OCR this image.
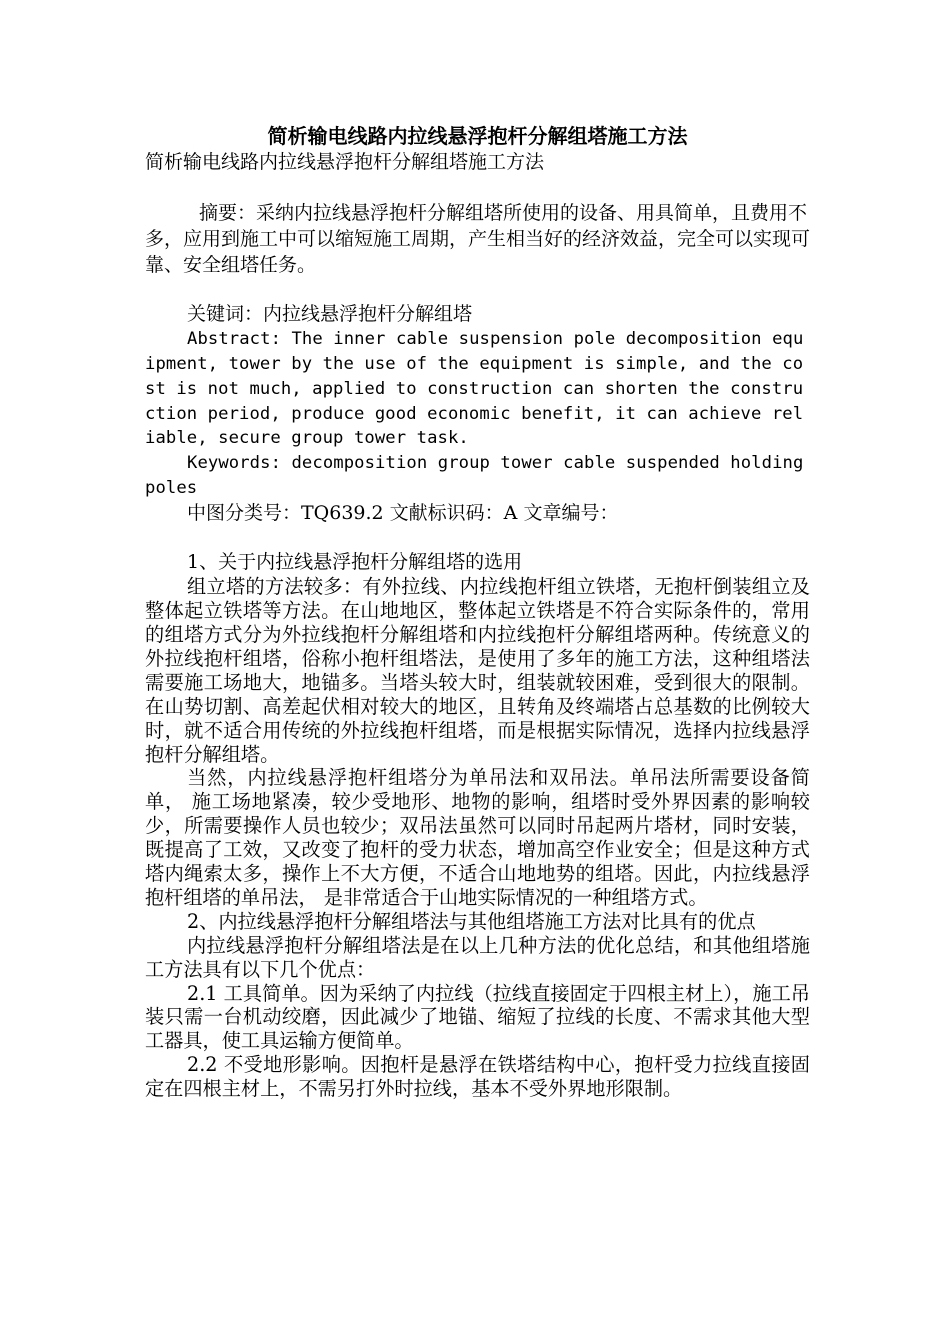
简析输电线路内拉线悬浮抱杆分解组塔施工方法

简析输电线路内拉线悬浮抱杆分解组塔施工方法

摘要：采纳内拉线悬浮抱杆分解组塔所使用的设备、用具简单，且费用不多，应用到施工中可以缩短施工周期，产生相当好的经济效益，完全可以实现可靠、安全组塔任务。

关键词：内拉线悬浮抱杆分解组塔

Abstract: The inner cable suspension pole decomposition equipment, tower by the use of the equipment is simple, and the cost is not much, applied to construction can shorten the construction period, produce good economic benefit, it can achieve reliable, secure group tower task.

Keywords: decomposition group tower cable suspended holding poles

中图分类号：TQ639.2 文献标识码：A 文章编号：

1、关于内拉线悬浮抱杆分解组塔的选用

组立塔的方法较多：有外拉线、内拉线抱杆组立铁塔，无抱杆倒装组立及整体起立铁塔等方法。在山地地区，整体起立铁塔是不符合实际条件的，常用的组塔方式分为外拉线抱杆分解组塔和内拉线抱杆分解组塔两种。传统意义的外拉线抱杆组塔，俗称小抱杆组塔法，是使用了多年的施工方法，这种组塔法需要施工场地大，地锚多。当塔头较大时，组装就较困难，受到很大的限制。在山势切割、高差起伏相对较大的地区，且转角及终端塔占总基数的比例较大时，就不适合用传统的外拉线抱杆组塔，而是根据实际情况，选择内拉线悬浮抱杆分解组塔。

当然，内拉线悬浮抱杆组塔分为单吊法和双吊法。单吊法所需要设备简单， 施工场地紧凑，较少受地形、地物的影响，组塔时受外界因素的影响较少，所需要操作人员也较少；双吊法虽然可以同时吊起两片塔材，同时安装，既提高了工效，又改变了抱杆的受力状态，增加高空作业安全；但是这种方式塔内绳索太多，操作上不大方便，不适合山地地势的组塔。因此，内拉线悬浮抱杆组塔的单吊法， 是非常适合于山地实际情况的一种组塔方式。

2、内拉线悬浮抱杆分解组塔法与其他组塔施工方法对比具有的优点

内拉线悬浮抱杆分解组塔法是在以上几种方法的优化总结，和其他组塔施工方法具有以下几个优点：

2.1 工具简单。因为采纳了内拉线（拉线直接固定于四根主材上），施工吊装只需一台机动绞磨，因此减少了地锚、缩短了拉线的长度、不需求其他大型工器具，使工具运输方便简单。

2.2 不受地形影响。因抱杆是悬浮在铁塔结构中心，抱杆受力拉线直接固定在四根主材上，不需另打外时拉线，基本不受外界地形限制。
